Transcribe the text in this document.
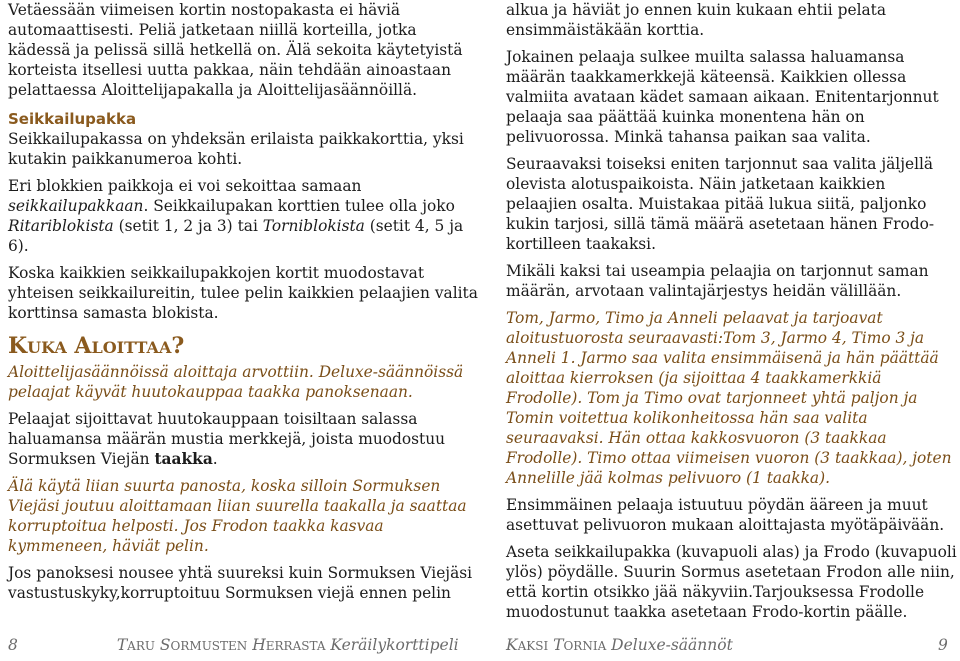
Vetäessään viimeisen kortin nostopakasta ei häviä automaattisesti. Peliä jatketaan niillä korteilla, jotka kädessä ja pelissä sillä hetkellä on. Älä sekoita käytetyistä korteista itsellesi uutta pakkaa, näin tehdään ainoastaan pelattaessa Aloittelijapakalla ja Aloittelijasäännöillä.

Seikkailupakka

Seikkailupakassa on yhdeksän erilaista paikkakorttia, yksi kutakin paikkanumeroa kohti.

Eri blokkien paikkoja ei voi sekoittaa samaan seikkailupakkaan. Seikkailupakan korttien tulee olla joko Ritariblokista (setit 1, 2 ja 3) tai Torniblokista (setit 4, 5 ja 6).

Koska kaikkien seikkailupakkojen kortit muodostavat yhteisen seikkailureitin, tulee pelin kaikkien pelaajien valita korttinsa samasta blokista.

KUKA ALOITTAA?

Aloittelijasäännöissä aloittaja arvottiin. Deluxe-säännöissä pelaajat käyvät huutokauppaa taakka panoksenaan.

Pelaajat sijoittavat huutokauppaan toisiltaan salassa haluamansa määrän mustia merkkejä, joista muodostuu Sormuksen Viejän taakka.

Älä käytä liian suurta panosta, koska silloin Sormuksen Viejäsi joutuu aloittamaan liian suurella taakalla ja saattaa korruptoitua helposti. Jos Frodon taakka kasvaa kymmeneen, häviät pelin.

Jos panoksesi nousee yhtä suureksi kuin Sormuksen Viejäsi vastustuskyky,korruptoituu Sormuksen viejä ennen pelin

alkua ja häviät jo ennen kuin kukaan ehtii pelata ensimmäistäkään korttia.

Jokainen pelaaja sulkee muilta salassa haluamansa määrän taakkamerkkejä käteensä. Kaikkien ollessa valmiita avataan kädet samaan aikaan. Enitentarjonnut pelaaja saa päättää kuinka monentena hän on pelivuorossa. Minkä tahansa paikan saa valita.

Seuraavaksi toiseksi eniten tarjonnut saa valita jäljellä olevista alotuspaikoista. Näin jatketaan kaikkien pelaajien osalta. Muistakaa pitää lukua siitä, paljonko kukin tarjosi, sillä tämä määrä asetetaan hänen Frodo-kortilleen taakaksi.

Mikäli kaksi tai useampia pelaajia on tarjonnut saman määrän, arvotaan valintajärjestys heidän välillään.

Tom, Jarmo, Timo ja Anneli pelaavat ja tarjoavat aloitustuorosta seuraavasti:Tom 3, Jarmo 4, Timo 3 ja Anneli 1. Jarmo saa valita ensimmäisenä ja hän päättää aloittaa kierroksen (ja sijoittaa 4 taakkamerkkiä Frodolle). Tom ja Timo ovat tarjonneet yhtä paljon ja Tomin voitettua kolikonheitossa hän saa valita seuraavaksi. Hän ottaa kakkosvuoron (3 taakkaa Frodolle). Timo ottaa viimeisen vuoron (3 taakkaa), joten Annelille jää kolmas pelivuoro (1 taakka).

Ensimmäinen pelaaja istuutuu pöydän ääreen ja muut asettuvat pelivuoron mukaan aloittajasta myötäpäivään.

Aseta seikkailupakka (kuvapuoli alas) ja Frodo (kuvapuoli ylös) pöydälle. Suurin Sormus asetetaan Frodon alle niin, että kortin otsikko jää näkyviin.Tarjouksessa Frodolle muodostunut taakka asetetaan Frodo-kortin päälle.

8	TARU SORMUSTEN HERRASTA Keräilykorttipeli	KAKSI TORNIA Deluxe-säännöt	9
